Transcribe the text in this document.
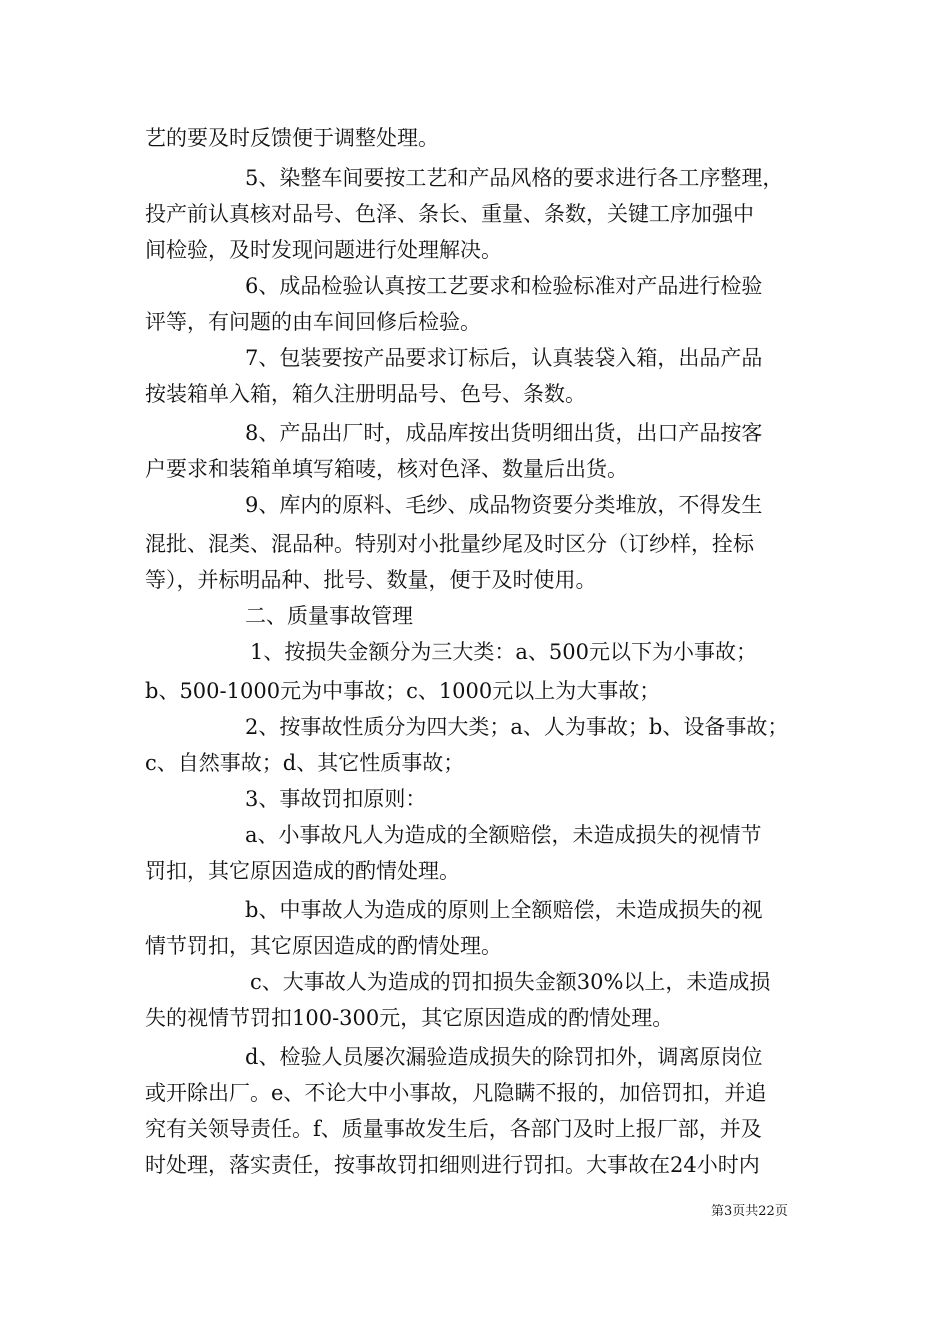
艺的要及时反馈便于调整处理。
5、染整车间要按工艺和产品风格的要求进行各工序整理，
投产前认真核对品号、色泽、条长、重量、条数，关键工序加强中
间检验，及时发现问题进行处理解决。
6、成品检验认真按工艺要求和检验标准对产品进行检验
评等，有问题的由车间回修后检验。
7、包装要按产品要求订标后，认真装袋入箱，出品产品
按装箱单入箱，箱久注册明品号、色号、条数。
8、产品出厂时，成品库按出货明细出货，出口产品按客
户要求和装箱单填写箱唛，核对色泽、数量后出货。
9、库内的原料、毛纱、成品物资要分类堆放，不得发生
混批、混类、混品种。特别对小批量纱尾及时区分（订纱样，拴标
等），并标明品种、批号、数量，便于及时使用。
二、质量事故管理
1、按损失金额分为三大类：a、500元以下为小事故；
b、500-1000元为中事故；c、1000元以上为大事故；
2、按事故性质分为四大类；a、人为事故；b、设备事故；
c、自然事故；d、其它性质事故；
3、事故罚扣原则：
a、小事故凡人为造成的全额赔偿，未造成损失的视情节
罚扣，其它原因造成的酌情处理。
b、中事故人为造成的原则上全额赔偿，未造成损失的视
情节罚扣，其它原因造成的酌情处理。
c、大事故人为造成的罚扣损失金额30%以上，未造成损
失的视情节罚扣100-300元，其它原因造成的酌情处理。
d、检验人员屡次漏验造成损失的除罚扣外，调离原岗位
或开除出厂。e、不论大中小事故，凡隐瞒不报的，加倍罚扣，并追
究有关领导责任。f、质量事故发生后，各部门及时上报厂部，并及
时处理，落实责任，按事故罚扣细则进行罚扣。大事故在24小时内
第3页共22页
